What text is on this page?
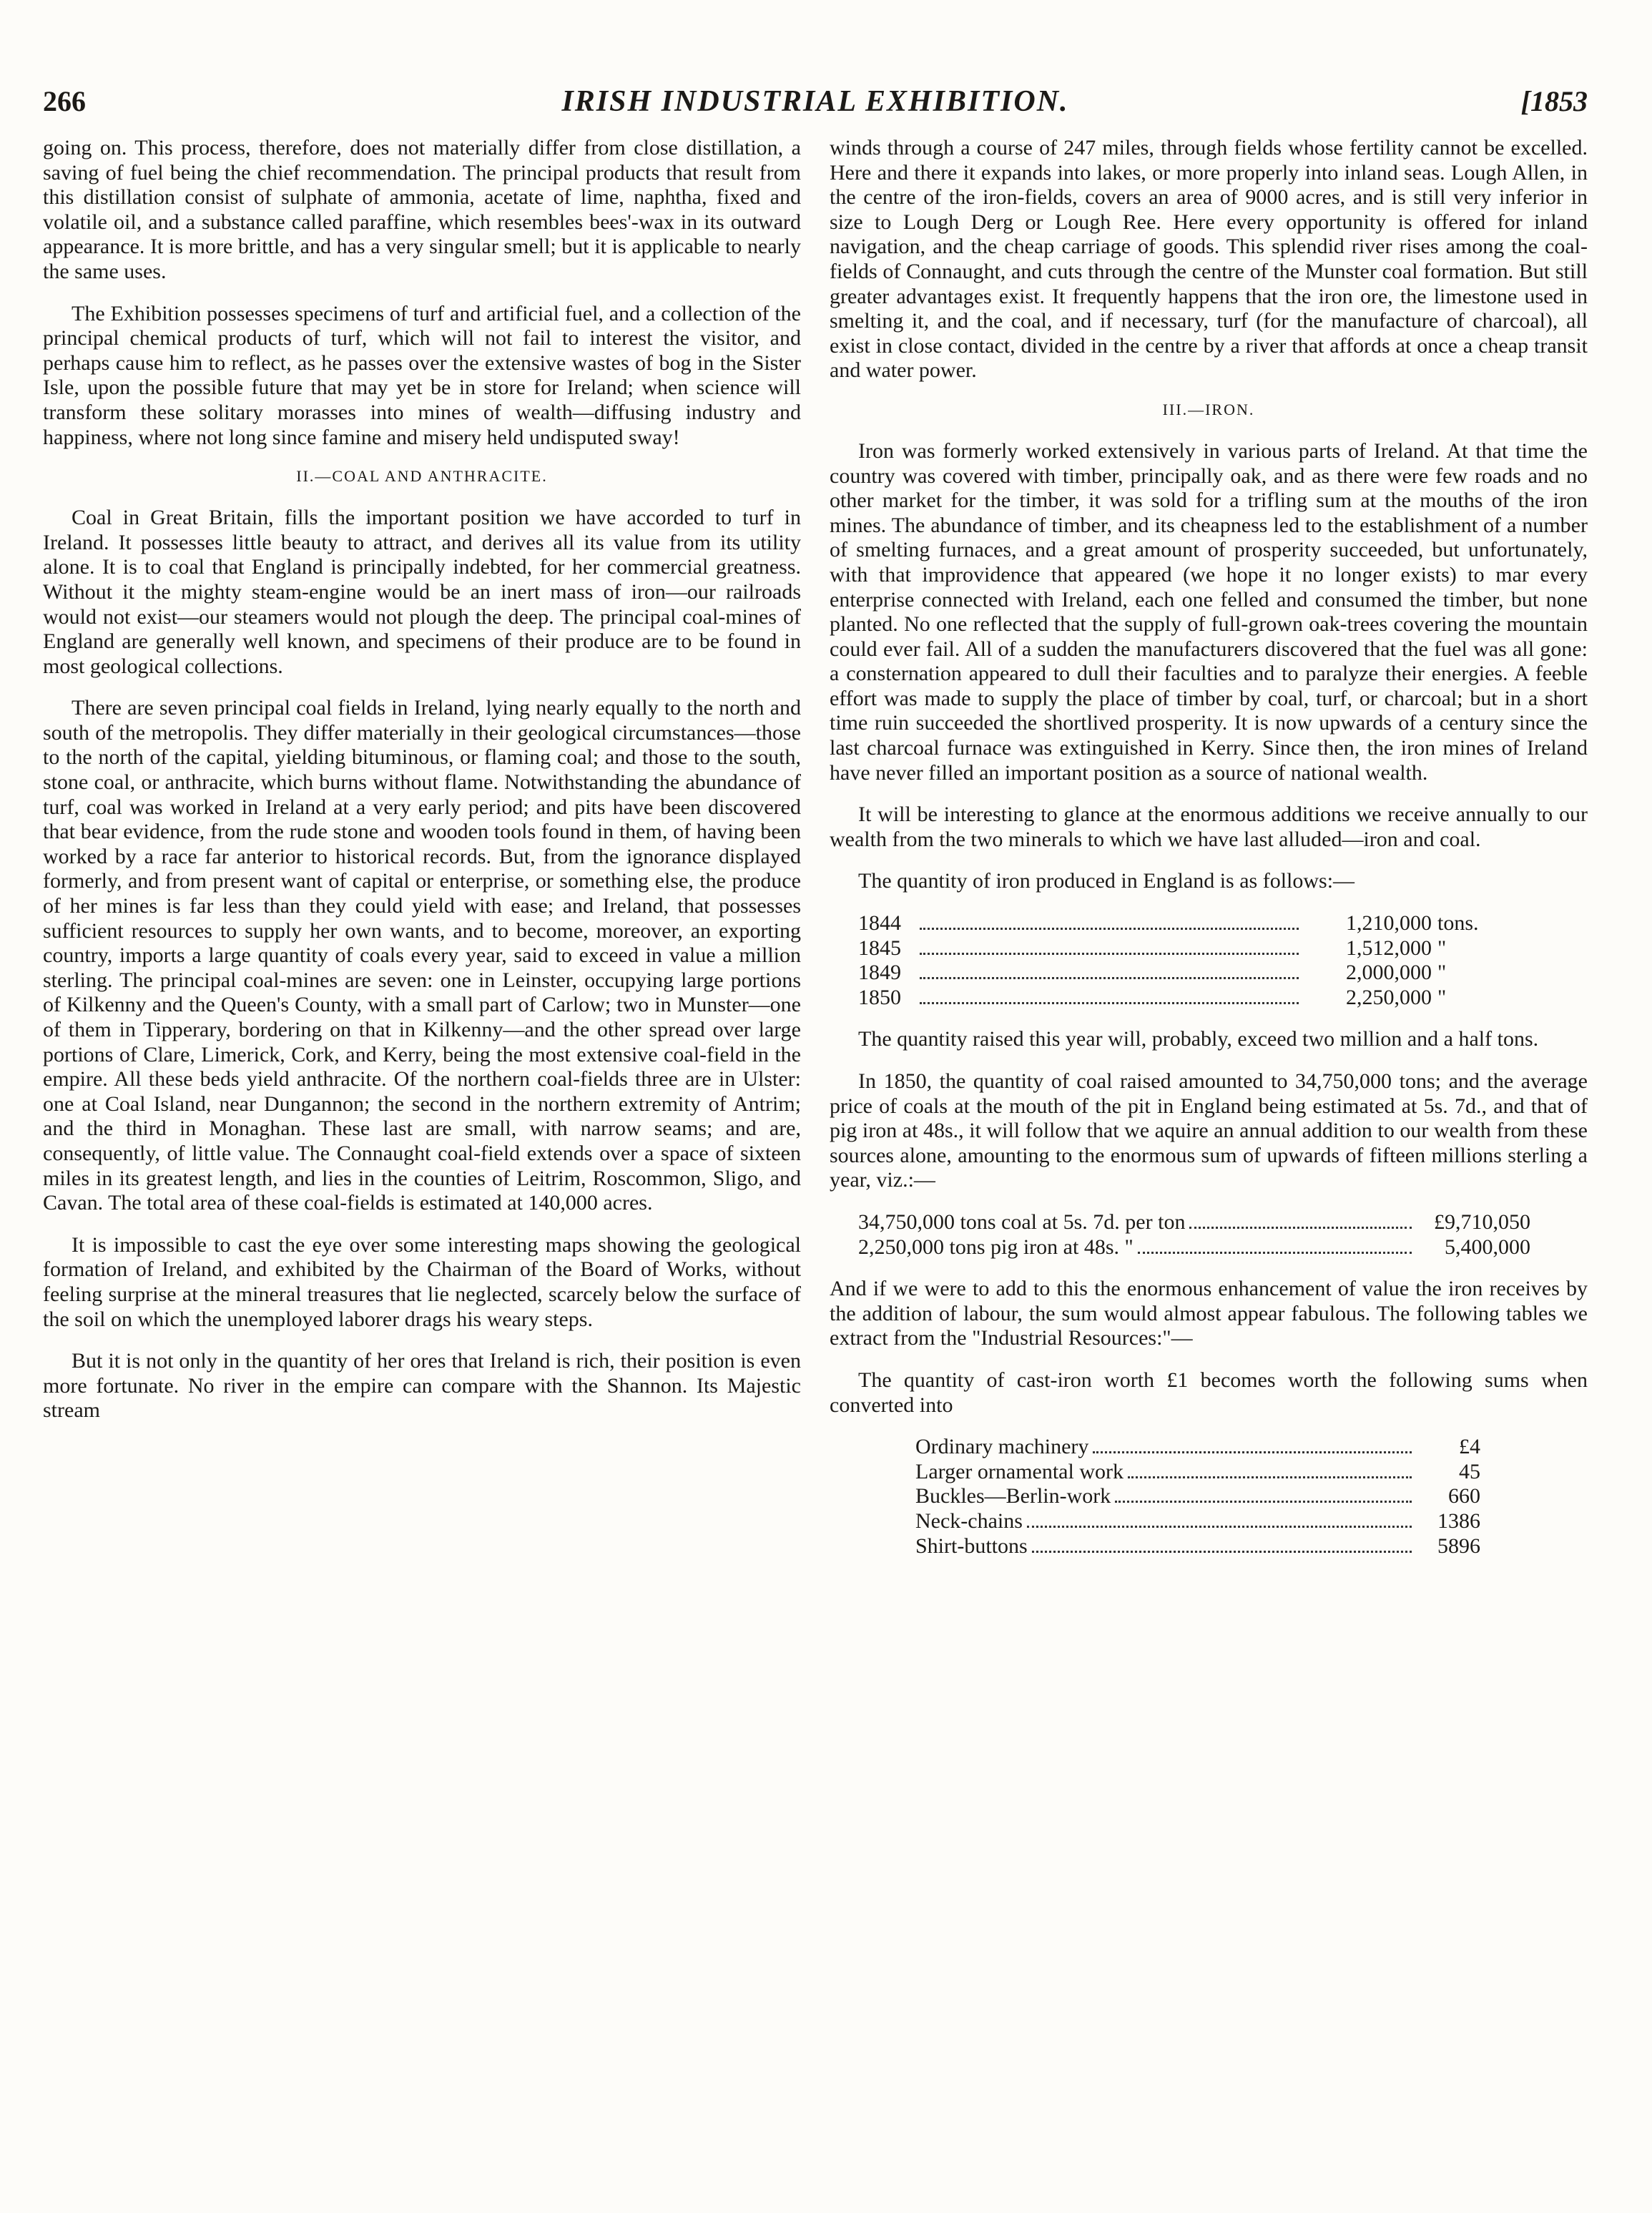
266	IRISH INDUSTRIAL EXHIBITION.	[1853

going on. This process, therefore, does not materially differ from close distillation, a saving of fuel being the chief recommendation. The principal products that result from this distillation consist of sulphate of ammonia, acetate of lime, naphtha, fixed and volatile oil, and a substance called paraffine, which resembles bees'-wax in its outward appearance. It is more brittle, and has a very singular smell; but it is applicable to nearly the same uses.

The Exhibition possesses specimens of turf and artificial fuel, and a collection of the principal chemical products of turf, which will not fail to interest the visitor, and perhaps cause him to reflect, as he passes over the extensive wastes of bog in the Sister Isle, upon the possible future that may yet be in store for Ireland; when science will transform these solitary morasses into mines of wealth—diffusing industry and happiness, where not long since famine and misery held undisputed sway!

II.—COAL AND ANTHRACITE.

Coal in Great Britain, fills the important position we have accorded to turf in Ireland. It possesses little beauty to attract, and derives all its value from its utility alone. It is to coal that England is principally indebted, for her commercial greatness. Without it the mighty steam-engine would be an inert mass of iron—our railroads would not exist—our steamers would not plough the deep. The principal coal-mines of England are generally well known, and specimens of their produce are to be found in most geological collections.

There are seven principal coal fields in Ireland, lying nearly equally to the north and south of the metropolis. They differ materially in their geological circumstances—those to the north of the capital, yielding bituminous, or flaming coal; and those to the south, stone coal, or anthracite, which burns without flame. Notwithstanding the abundance of turf, coal was worked in Ireland at a very early period; and pits have been discovered that bear evidence, from the rude stone and wooden tools found in them, of having been worked by a race far anterior to historical records. But, from the ignorance displayed formerly, and from present want of capital or enterprise, or something else, the produce of her mines is far less than they could yield with ease; and Ireland, that possesses sufficient resources to supply her own wants, and to become, moreover, an exporting country, imports a large quantity of coals every year, said to exceed in value a million sterling. The principal coal-mines are seven: one in Leinster, occupying large portions of Kilkenny and the Queen's County, with a small part of Carlow; two in Munster—one of them in Tipperary, bordering on that in Kilkenny—and the other spread over large portions of Clare, Limerick, Cork, and Kerry, being the most extensive coal-field in the empire. All these beds yield anthracite. Of the northern coal-fields three are in Ulster: one at Coal Island, near Dungannon; the second in the northern extremity of Antrim; and the third in Monaghan. These last are small, with narrow seams; and are, consequently, of little value. The Connaught coal-field extends over a space of sixteen miles in its greatest length, and lies in the counties of Leitrim, Roscommon, Sligo, and Cavan. The total area of these coal-fields is estimated at 140,000 acres.

It is impossible to cast the eye over some interesting maps showing the geological formation of Ireland, and exhibited by the Chairman of the Board of Works, without feeling surprise at the mineral treasures that lie neglected, scarcely below the surface of the soil on which the unemployed laborer drags his weary steps.

But it is not only in the quantity of her ores that Ireland is rich, their position is even more fortunate. No river in the empire can compare with the Shannon. Its Majestic stream

winds through a course of 247 miles, through fields whose fertility cannot be excelled. Here and there it expands into lakes, or more properly into inland seas. Lough Allen, in the centre of the iron-fields, covers an area of 9000 acres, and is still very inferior in size to Lough Derg or Lough Ree. Here every opportunity is offered for inland navigation, and the cheap carriage of goods. This splendid river rises among the coal-fields of Connaught, and cuts through the centre of the Munster coal formation. But still greater advantages exist. It frequently happens that the iron ore, the limestone used in smelting it, and the coal, and if necessary, turf (for the manufacture of charcoal), all exist in close contact, divided in the centre by a river that affords at once a cheap transit and water power.

III.—IRON.

Iron was formerly worked extensively in various parts of Ireland. At that time the country was covered with timber, principally oak, and as there were few roads and no other market for the timber, it was sold for a trifling sum at the mouths of the iron mines. The abundance of timber, and its cheapness led to the establishment of a number of smelting furnaces, and a great amount of prosperity succeeded, but unfortunately, with that improvidence that appeared (we hope it no longer exists) to mar every enterprise connected with Ireland, each one felled and consumed the timber, but none planted. No one reflected that the supply of full-grown oak-trees covering the mountain could ever fail. All of a sudden the manufacturers discovered that the fuel was all gone: a consternation appeared to dull their faculties and to paralyze their energies. A feeble effort was made to supply the place of timber by coal, turf, or charcoal; but in a short time ruin succeeded the shortlived prosperity. It is now upwards of a century since the last charcoal furnace was extinguished in Kerry. Since then, the iron mines of Ireland have never filled an important position as a source of national wealth.

It will be interesting to glance at the enormous additions we receive annually to our wealth from the two minerals to which we have last alluded—iron and coal.

The quantity of iron produced in England is as follows:—

1844	1,210,000 tons.
1845	1,512,000 "
1849	2,000,000 "
1850	2,250,000 "

The quantity raised this year will, probably, exceed two million and a half tons.

In 1850, the quantity of coal raised amounted to 34,750,000 tons; and the average price of coals at the mouth of the pit in England being estimated at 5s. 7d., and that of pig iron at 48s., it will follow that we aquire an annual addition to our wealth from these sources alone, amounting to the enormous sum of upwards of fifteen millions sterling a year, viz.:—

34,750,000 tons coal at 5s. 7d. per ton	£9,710,050
2,250,000 tons pig iron at 48s. "	5,400,000

And if we were to add to this the enormous enhancement of value the iron receives by the addition of labour, the sum would almost appear fabulous. The following tables we extract from the "Industrial Resources:"—

The quantity of cast-iron worth £1 becomes worth the following sums when converted into

Ordinary machinery	£4
Larger ornamental work	45
Buckles—Berlin-work	660
Neck-chains	1386
Shirt-buttons	5896
